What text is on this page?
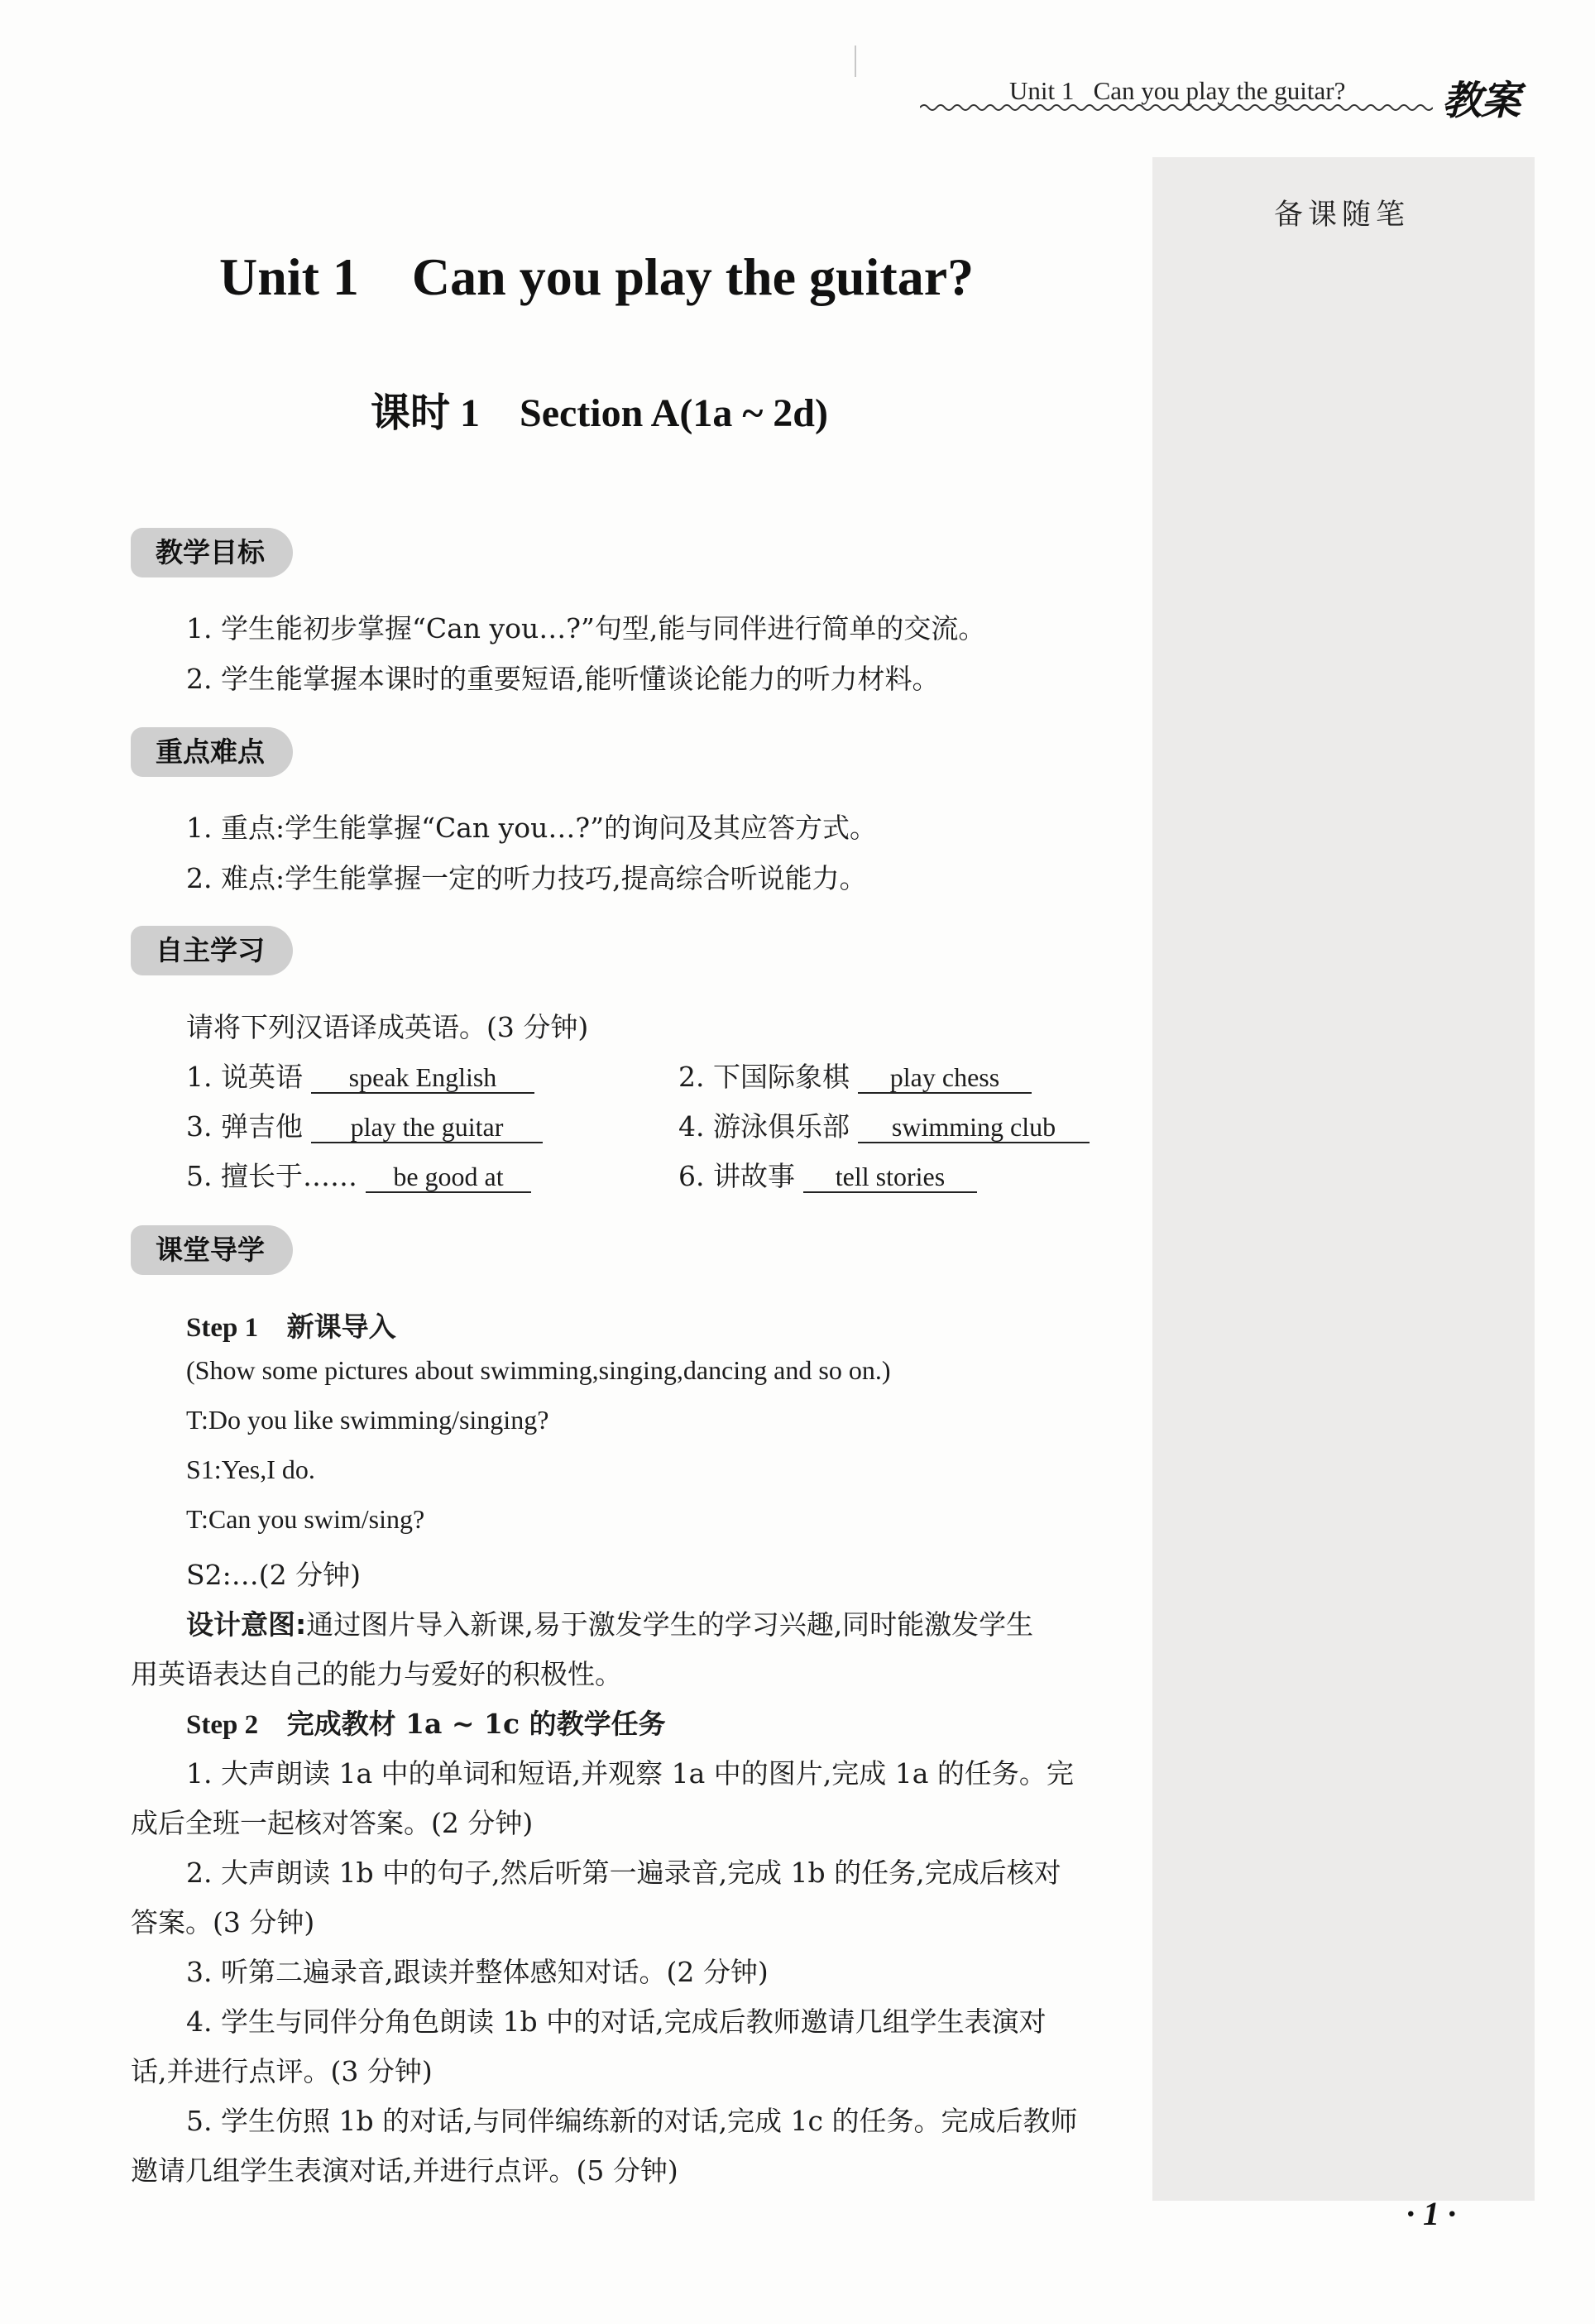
备课随笔
Unit 1   Can you play the guitar? 教案
Unit 1    Can you play the guitar?
课时 1    Section A(1a ~ 2d)
教学目标
1. 学生能初步掌握“Can you…?”句型,能与同伴进行简单的交流。
2. 学生能掌握本课时的重要短语,能听懂谈论能力的听力材料。
重点难点
1. 重点:学生能掌握“Can you…?”的询问及其应答方式。
2. 难点:学生能掌握一定的听力技巧,提高综合听说能力。
自主学习
请将下列汉语译成英语。(3 分钟)
1. 说英语 speak English	2. 下国际象棋 play chess
3. 弹吉他 play the guitar	4. 游泳俱乐部 swimming club
5. 擅长于…… be good at	6. 讲故事 tell stories
课堂导学
Step 1 新课导入
(Show some pictures about swimming,singing,dancing and so on.)
T:Do you like swimming/singing?
S1:Yes,I do.
T:Can you swim/sing?
S2:…(2 分钟)
设计意图:通过图片导入新课,易于激发学生的学习兴趣,同时能激发学生
用英语表达自己的能力与爱好的积极性。
Step 2 完成教材 1a ~ 1c 的教学任务
1. 大声朗读 1a 中的单词和短语,并观察 1a 中的图片,完成 1a 的任务。完
成后全班一起核对答案。(2 分钟)
2. 大声朗读 1b 中的句子,然后听第一遍录音,完成 1b 的任务,完成后核对
答案。(3 分钟)
3. 听第二遍录音,跟读并整体感知对话。(2 分钟)
4. 学生与同伴分角色朗读 1b 中的对话,完成后教师邀请几组学生表演对
话,并进行点评。(3 分钟)
5. 学生仿照 1b 的对话,与同伴编练新的对话,完成 1c 的任务。完成后教师
邀请几组学生表演对话,并进行点评。(5 分钟)
· 1 ·
